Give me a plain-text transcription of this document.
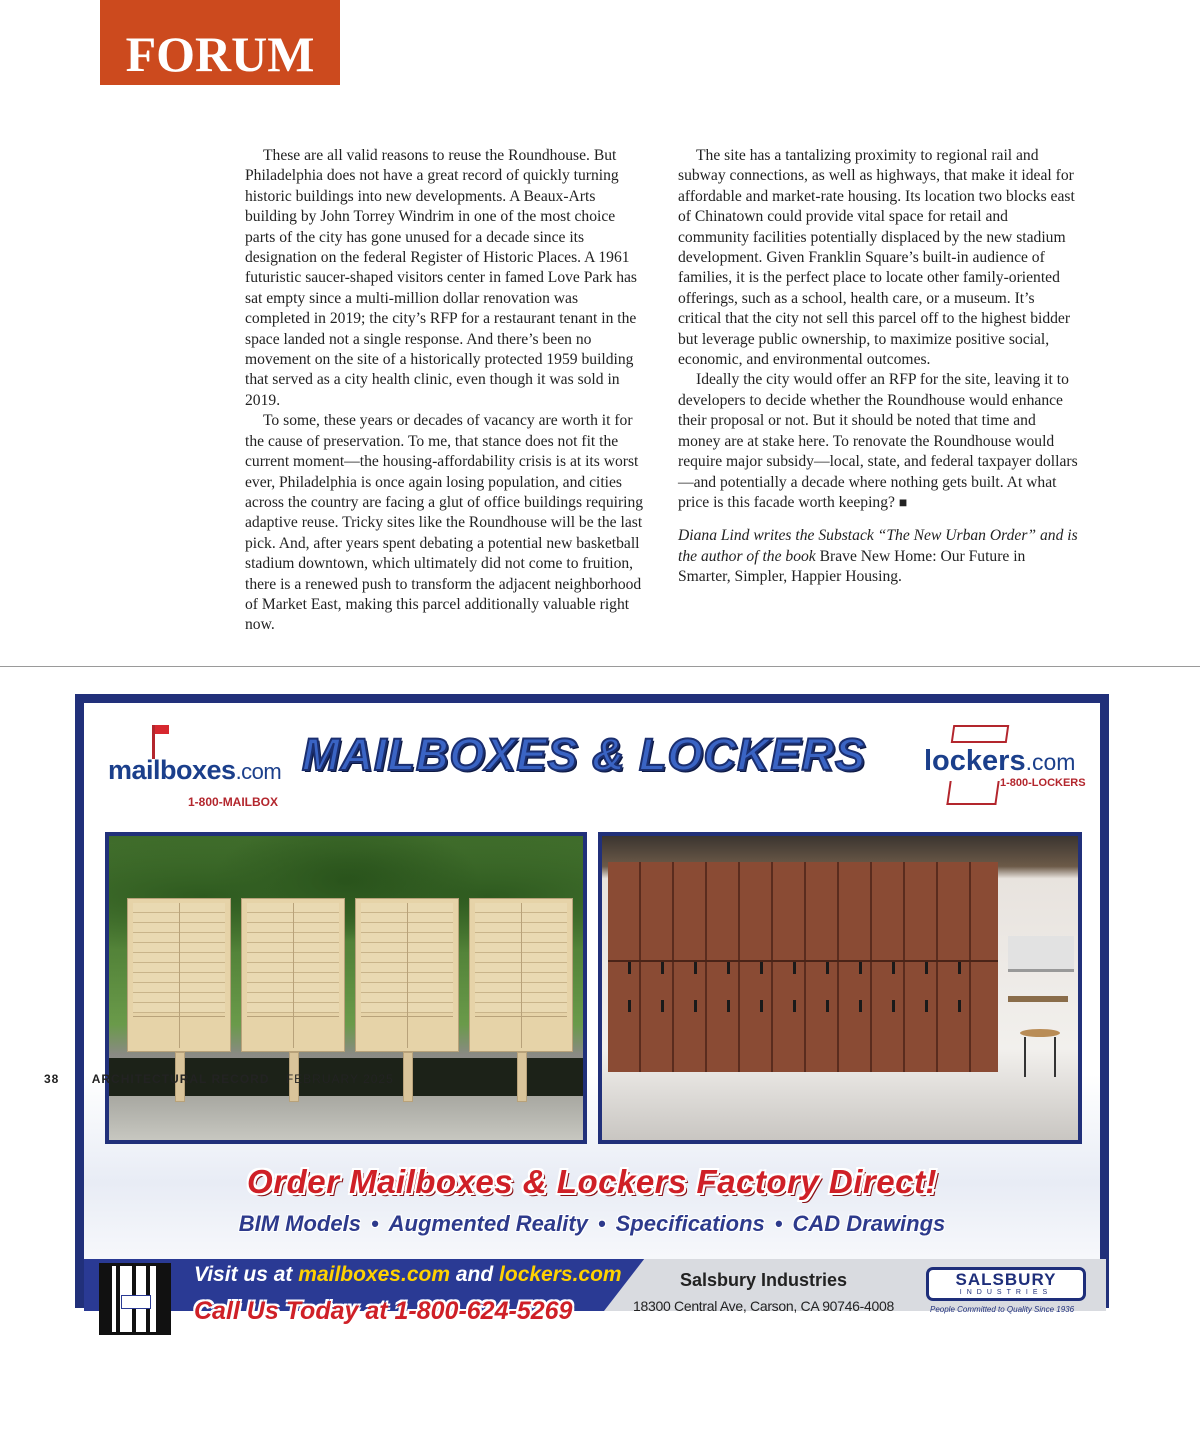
FORUM

These are all valid reasons to reuse the Roundhouse. But Philadelphia does not have a great record of quickly turning historic buildings into new developments. A Beaux-Arts building by John Torrey Windrim in one of the most choice parts of the city has gone unused for a decade since its designation on the federal Register of Historic Places. A 1961 futuristic saucer-shaped visitors center in famed Love Park has sat empty since a multi-million dollar renovation was completed in 2019; the city’s RFP for a restaurant tenant in the space landed not a single response. And there’s been no movement on the site of a historically protected 1959 building that served as a city health clinic, even though it was sold in 2019.

To some, these years or decades of vacancy are worth it for the cause of preservation. To me, that stance does not fit the current moment—the housing-affordability crisis is at its worst ever, Philadelphia is once again losing population, and cities across the country are facing a glut of office buildings requiring adaptive reuse. Tricky sites like the Roundhouse will be the last pick. And, after years spent debating a potential new basketball stadium downtown, which ultimately did not come to fruition, there is a renewed push to transform the adjacent neighborhood of Market East, making this parcel additionally valuable right now.

The site has a tantalizing proximity to regional rail and subway connections, as well as highways, that make it ideal for affordable and market-rate housing. Its location two blocks east of Chinatown could provide vital space for retail and community facilities potentially displaced by the new stadium development. Given Franklin Square’s built-in audience of families, it is the perfect place to locate other family-oriented offerings, such as a school, health care, or a museum. It’s critical that the city not sell this parcel off to the highest bidder but leverage public ownership, to maximize positive social, economic, and environmental outcomes.

Ideally the city would offer an RFP for the site, leaving it to developers to decide whether the Roundhouse would enhance their proposal or not. But it should be noted that time and money are at stake here. To renovate the Roundhouse would require major subsidy—local, state, and federal taxpayer dollars—and potentially a decade where nothing gets built. At what price is this facade worth keeping? ■

Diana Lind writes the Substack “The New Urban Order” and is the author of the book Brave New Home: Our Future in Smarter, Simpler, Happier Housing.

mailboxes.com
1-800-MAILBOX
MAILBOXES & LOCKERS	lockers.com
1-800-LOCKERS
Order Mailboxes & Lockers Factory Direct!
BIM Models • Augmented Reality • Specifications • CAD Drawings
Visit us at mailboxes.com and lockers.com
Call Us Today at 1-800-624-5269
Salsbury Industries
18300 Central Ave, Carson, CA 90746-4008
SALSBURY
INDUSTRIES
People Committed to Quality Since 1936
38	ARCHITECTURAL RECORD FEBRUARY 2025
